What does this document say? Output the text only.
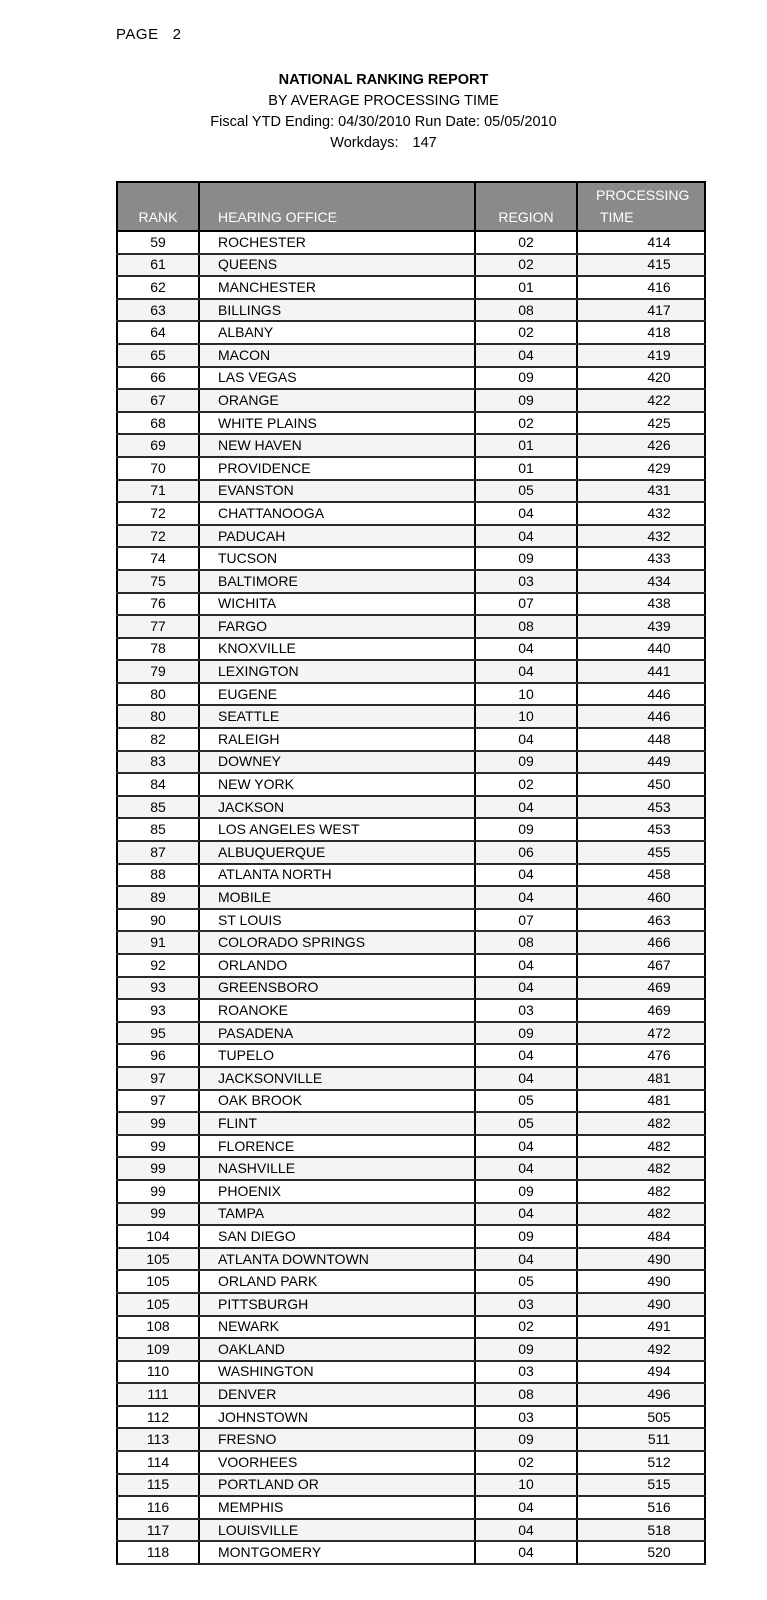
PAGE 2
NATIONAL RANKING REPORT
BY AVERAGE PROCESSING TIME
Fiscal YTD Ending: 04/30/2010 Run Date: 05/05/2010
Workdays: 147
RANK	HEARING OFFICE	REGION	PROCESSING
TIME

59	ROCHESTER	02	414
61	QUEENS	02	415
62	MANCHESTER	01	416
63	BILLINGS	08	417
64	ALBANY	02	418
65	MACON	04	419
66	LAS VEGAS	09	420
67	ORANGE	09	422
68	WHITE PLAINS	02	425
69	NEW HAVEN	01	426
70	PROVIDENCE	01	429
71	EVANSTON	05	431
72	CHATTANOOGA	04	432
72	PADUCAH	04	432
74	TUCSON	09	433
75	BALTIMORE	03	434
76	WICHITA	07	438
77	FARGO	08	439
78	KNOXVILLE	04	440
79	LEXINGTON	04	441
80	EUGENE	10	446
80	SEATTLE	10	446
82	RALEIGH	04	448
83	DOWNEY	09	449
84	NEW YORK	02	450
85	JACKSON	04	453
85	LOS ANGELES WEST	09	453
87	ALBUQUERQUE	06	455
88	ATLANTA NORTH	04	458
89	MOBILE	04	460
90	ST LOUIS	07	463
91	COLORADO SPRINGS	08	466
92	ORLANDO	04	467
93	GREENSBORO	04	469
93	ROANOKE	03	469
95	PASADENA	09	472
96	TUPELO	04	476
97	JACKSONVILLE	04	481
97	OAK BROOK	05	481
99	FLINT	05	482
99	FLORENCE	04	482
99	NASHVILLE	04	482
99	PHOENIX	09	482
99	TAMPA	04	482
104	SAN DIEGO	09	484
105	ATLANTA DOWNTOWN	04	490
105	ORLAND PARK	05	490
105	PITTSBURGH	03	490
108	NEWARK	02	491
109	OAKLAND	09	492
110	WASHINGTON	03	494
111	DENVER	08	496
112	JOHNSTOWN	03	505
113	FRESNO	09	511
114	VOORHEES	02	512
115	PORTLAND OR	10	515
116	MEMPHIS	04	516
117	LOUISVILLE	04	518
118	MONTGOMERY	04	520
